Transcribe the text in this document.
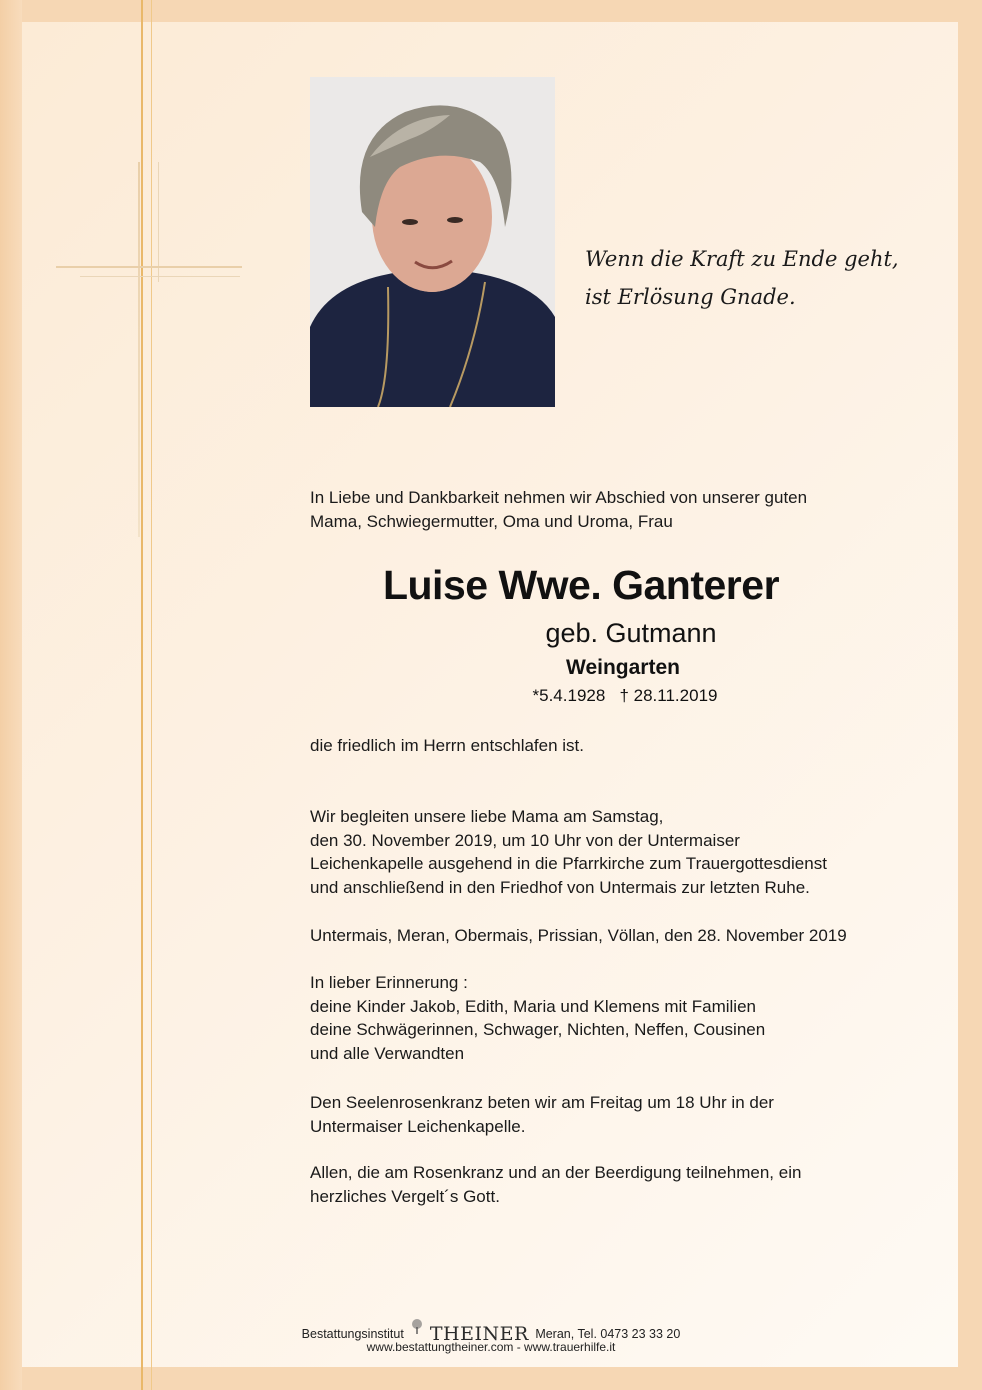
Wenn die Kraft zu Ende geht,
ist Erlösung Gnade.
In Liebe und Dankbarkeit nehmen wir Abschied von unserer guten
Mama, Schwiegermutter, Oma und Uroma, Frau
Luise Wwe. Ganterer
geb. Gutmann
Weingarten
*5.4.1928   † 28.11.2019
die friedlich im Herrn entschlafen ist.
Wir begleiten unsere liebe Mama am Samstag,
den 30. November 2019, um 10 Uhr von der Untermaiser
Leichenkapelle ausgehend in die Pfarrkirche zum Trauergottesdienst
und anschließend in den Friedhof von Untermais zur letzten Ruhe.
Untermais, Meran, Obermais, Prissian, Völlan, den 28. November 2019
In lieber Erinnerung :
deine Kinder Jakob, Edith, Maria und Klemens mit Familien
deine Schwägerinnen, Schwager, Nichten, Neffen, Cousinen
und alle Verwandten
Den Seelenrosenkranz beten wir am Freitag um 18 Uhr in der
Untermaiser Leichenkapelle.
Allen, die am Rosenkranz und an der Beerdigung teilnehmen, ein
herzliches Vergelt´s Gott.
Bestattungsinstitut THEINER Meran, Tel. 0473 23 33 20
www.bestattungtheiner.com - www.trauerhilfe.it
